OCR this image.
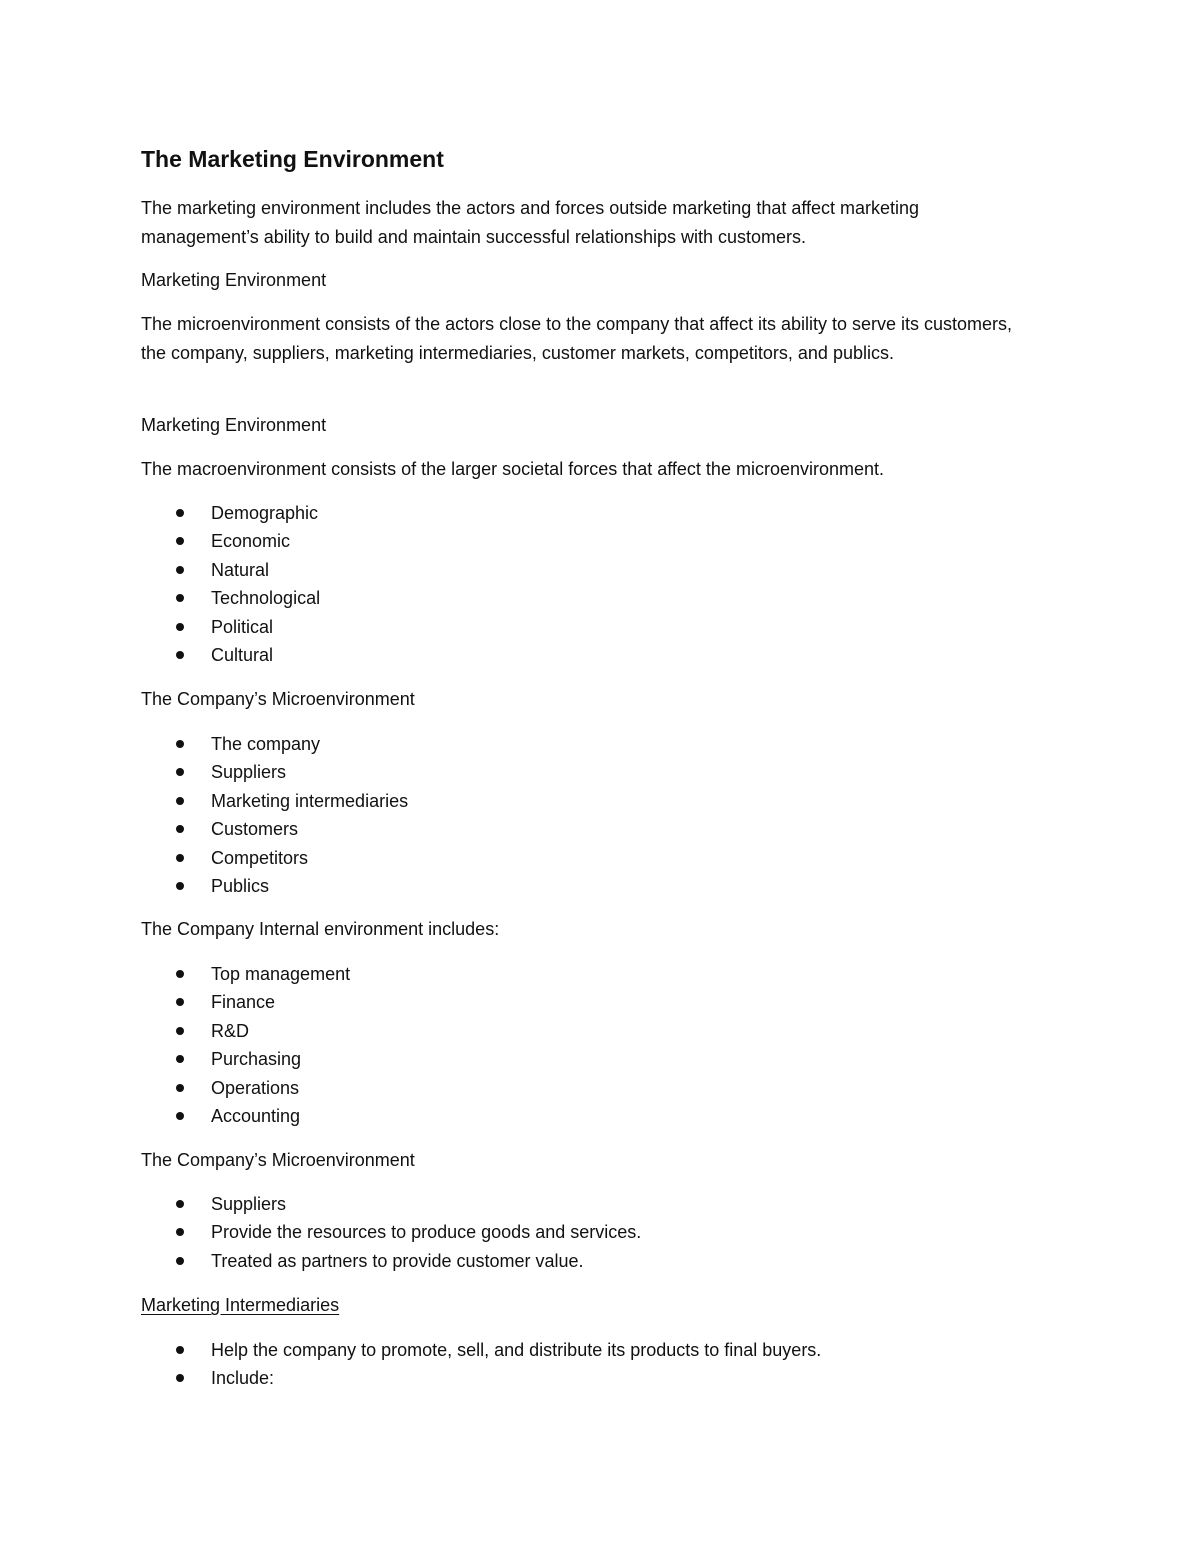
The Marketing Environment

The marketing environment includes the actors and forces outside marketing that affect marketing management’s ability to build and maintain successful relationships with customers.

Marketing Environment

The microenvironment consists of the actors close to the company that affect its ability to serve its customers, the company, suppliers, marketing intermediaries, customer markets, competitors, and publics.

Marketing Environment

The macroenvironment consists of the larger societal forces that affect the microenvironment.

Demographic
Economic
Natural
Technological
Political
Cultural

The Company’s Microenvironment

The company
Suppliers
Marketing intermediaries
Customers
Competitors
Publics

The Company Internal environment includes:

Top management
Finance
R&D
Purchasing
Operations
Accounting

The Company’s Microenvironment

Suppliers
Provide the resources to produce goods and services.
Treated as partners to provide customer value.

Marketing Intermediaries

Help the company to promote, sell, and distribute its products to final buyers.
Include:
